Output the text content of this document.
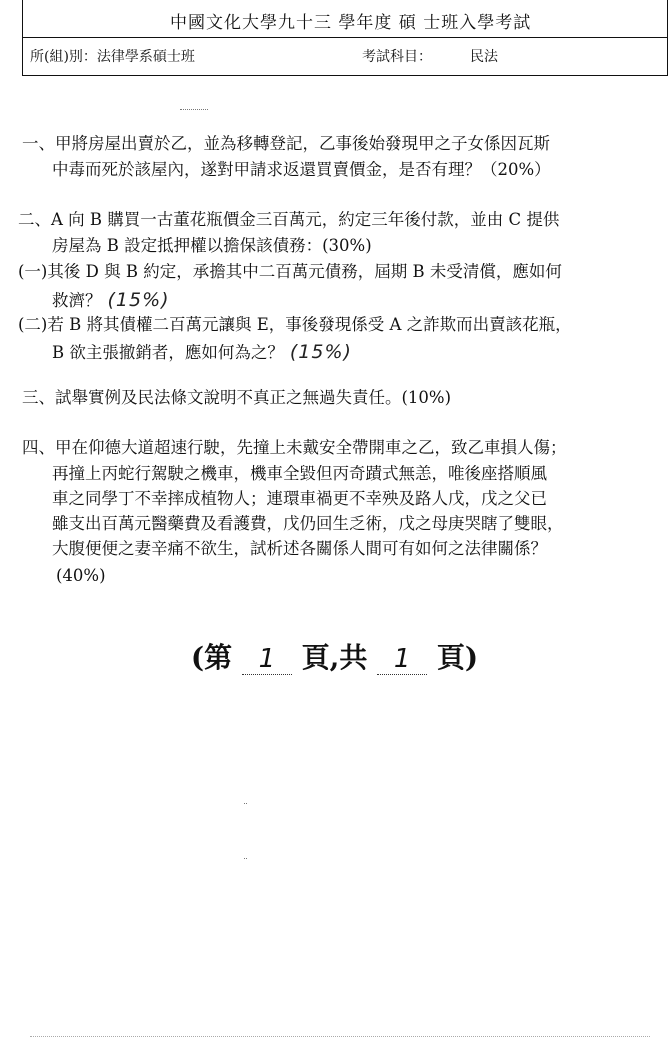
中國文化大學九十三 學年度 碩 士班入學考試
所(組)別：法律學系碩士班	考試科目：	民法
一、甲將房屋出賣於乙，並為移轉登記，乙事後始發現甲之子女係因瓦斯
中毒而死於該屋內，遂對甲請求返還買賣價金，是否有理？（20%）
二、A 向 B 購買一古董花瓶價金三百萬元，約定三年後付款，並由 C 提供
房屋為 B 設定抵押權以擔保該債務：(30%)
(一)其後 D 與 B 約定，承擔其中二百萬元債務，屆期 B 未受清償，應如何
救濟？ (15%)
(二)若 B 將其債權二百萬元讓與 E，事後發現係受 A 之詐欺而出賣該花瓶，
B 欲主張撤銷者，應如何為之？ (15%)
三、試舉實例及民法條文說明不真正之無過失責任。(10%)
四、甲在仰德大道超速行駛，先撞上未戴安全帶開車之乙，致乙車損人傷；
再撞上丙蛇行駕駛之機車，機車全毀但丙奇蹟式無恙，唯後座搭順風
車之同學丁不幸摔成植物人；連環車禍更不幸殃及路人戊，戊之父已
雖支出百萬元醫藥費及看護費，戊仍回生乏術，戊之母庚哭瞎了雙眼，
大腹便便之妻辛痛不欲生，試析述各關係人間可有如何之法律關係？
(40%)
(第 1 頁,共 1 頁)
